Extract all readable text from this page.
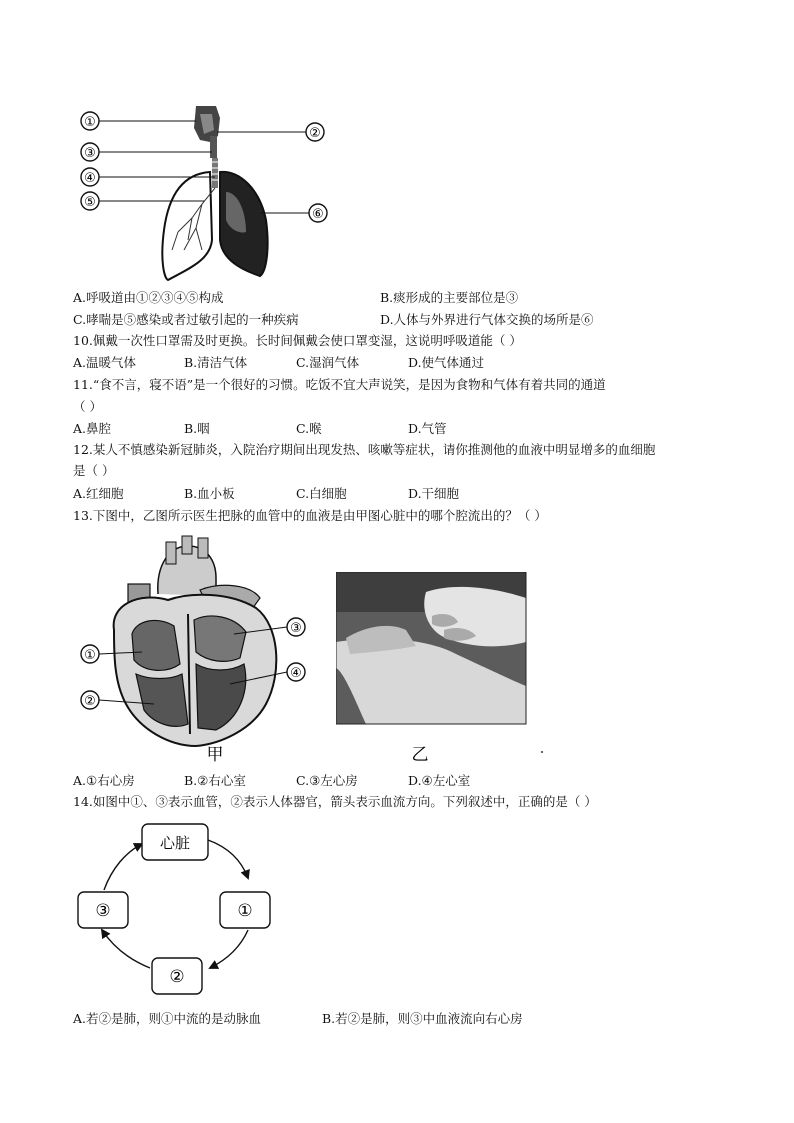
①
②
③
④
⑤
⑥
A.呼吸道由①②③④⑤构成	B.痰形成的主要部位是③
C.哮喘是⑤感染或者过敏引起的一种疾病	D.人体与外界进行气体交换的场所是⑥
10.佩戴一次性口罩需及时更换。长时间佩戴会使口罩变湿，这说明呼吸道能（ ）
A.温暖气体	B.清洁气体	C.湿润气体	D.使气体通过
11.“食不言，寝不语”是一个很好的习惯。吃饭不宜大声说笑，是因为食物和气体有着共同的通道
（ ）
A.鼻腔	B.咽	C.喉	D.气管
12.某人不慎感染新冠肺炎，入院治疗期间出现发热、咳嗽等症状，请你推测他的血液中明显增多的血细胞
是（ ）
A.红细胞	B.血小板	C.白细胞	D.干细胞
13.下图中，乙图所示医生把脉的血管中的血液是由甲图心脏中的哪个腔流出的？（ ）
①
②
③
④
甲	乙
A.①右心房	B.②右心室	C.③左心房	D.④左心室
14.如图中①、③表示血管，②表示人体器官，箭头表示血流方向。下列叙述中，正确的是（ ）
心脏
①
②
③
A.若②是肺，则①中流的是动脉血	B.若②是肺，则③中血液流向右心房
